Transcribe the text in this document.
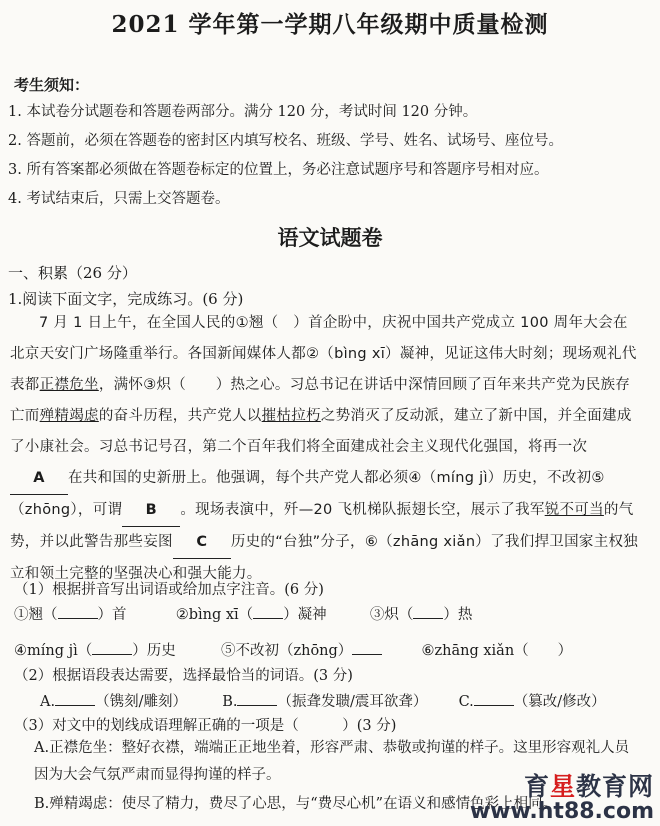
2021 学年第一学期八年级期中质量检测
考生须知：
1. 本试卷分试题卷和答题卷两部分。满分 120 分，考试时间 120 分钟。
2. 答题前，必须在答题卷的密封区内填写校名、班级、学号、姓名、试场号、座位号。
3. 所有答案都必须做在答题卷标定的位置上，务必注意试题序号和答题序号相对应。
4. 考试结束后，只需上交答题卷。
语文试题卷
一、积累（26 分）
1.阅读下面文字，完成练习。(6 分)
7 月 1 日上午，在全国人民的①翘（　）首企盼中，庆祝中国共产党成立 100 周年大会在北京天安门广场隆重举行。各国新闻媒体人都②（bìng xī）凝神，见证这伟大时刻；现场观礼代表都正襟危坐，满怀③炽（　　）热之心。习总书记在讲话中深情回顾了百年来共产党为民族存亡而殚精竭虑的奋斗历程，共产党人以摧枯拉朽之势消灭了反动派，建立了新中国，并全面建成了小康社会。习总书记号召，第二个百年我们将全面建成社会主义现代化强国，将再一次A 在共和国的史新册上。他强调，每个共产党人都必须④（míng jì）历史，不改初⑤（zhōng），可谓 B 。现场表演中，歼—20 飞机梯队振翅长空，展示了我军锐不可当的气势，并以此警告那些妄图 C 历史的“台独”分子，⑥（zhāng xiǎn）了我们捍卫国家主权独立和领土完整的坚强决心和强大能力。
（1）根据拼音写出词语或给加点字注音。(6 分)
①翘（	）首	②bìng xī（ ）凝神	③炽（ ）热
④míng jì（	）历史	⑤不改初（zhōng）	⑥zhāng xiǎn（　　）
（2）根据语段表达需要，选择最恰当的词语。(3 分)
A.	（镌刻/雕刻） B.	（振聋发聩/震耳欲聋） C.	（篡改/修改）
（3）对文中的划线成语理解正确的一项是（　　　）(3 分)
A.正襟危坐：整好衣襟，端端正正地坐着，形容严肃、恭敬或拘谨的样子。这里形容观礼人员因为大会气氛严肃而显得拘谨的样子。
B.殚精竭虑：使尽了精力，费尽了心思，与“费尽心机”在语义和感情色彩上相同。
育星教育网
www.ht88.com
